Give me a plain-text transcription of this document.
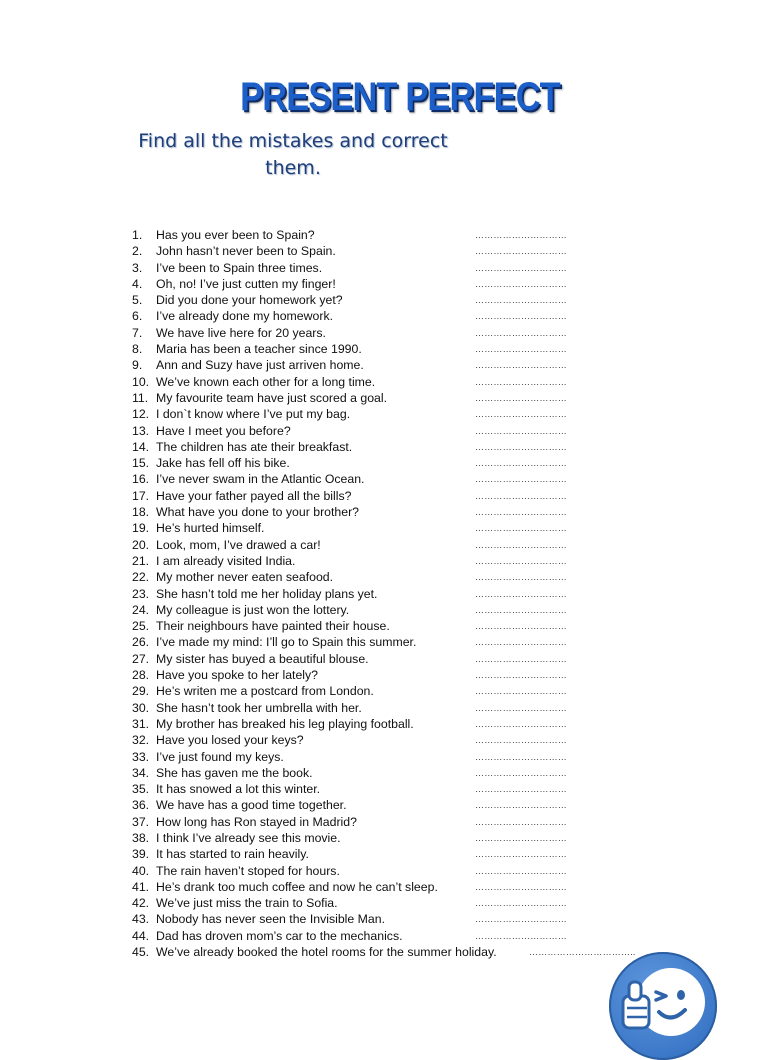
PRESENT PERFECT
Find all the mistakes and correct them.
1.	Has you ever been to Spain?	…………………………
2.	John hasn’t never been to Spain.	…………………………
3.	I’ve been to Spain three times.	…………………………
4.	Oh, no! I’ve just cutten my finger!	…………………………
5.	Did you done your homework yet?	…………………………
6.	I’ve already done my homework.	…………………………
7.	We have live here for 20 years.	…………………………
8.	Maria has been a teacher since 1990.	…………………………
9.	Ann and Suzy have just arriven home.	…………………………
10. We’ve known each other for a long time.	…………………………
11. My favourite team have just scored a goal.	…………………………
12. I don`t know where I’ve put my bag.	…………………………
13. Have I meet you before?	…………………………
14. The children has ate their breakfast.	…………………………
15. Jake has fell off his bike.	…………………………
16. I’ve never swam in the Atlantic Ocean.	…………………………
17. Have your father payed all the bills?	…………………………
18. What have you done to your brother?	…………………………
19. He’s hurted himself.	…………………………
20. Look, mom, I’ve drawed a car!	…………………………
21. I am already visited India.	…………………………
22. My mother never eaten seafood.	…………………………
23. She hasn’t told me her holiday plans yet.	…………………………
24. My colleague is just won the lottery.	…………………………
25. Their neighbours have painted their house.	…………………………
26. I’ve made my mind: I’ll go to Spain this summer.	…………………………
27. My sister has buyed a beautiful blouse.	…………………………
28. Have you spoke to her lately?	…………………………
29. He’s writen me a postcard from London.	…………………………
30. She hasn’t took her umbrella with her.	…………………………
31. My brother has breaked his leg playing football.	…………………………
32. Have you losed your keys?	…………………………
33. I’ve just found my keys.	…………………………
34. She has gaven me the book.	…………………………
35. It has snowed a lot this winter.	…………………………
36. We have has a good time together.	…………………………
37. How long has Ron stayed in Madrid?	…………………………
38. I think I’ve already see this movie.	…………………………
39. It has started to rain heavily.	…………………………
40. The rain haven’t stoped for hours.	…………………………
41. He’s drank too much coffee and now he can’t sleep.	…………………………
42. We’ve just miss the train to Sofia.	…………………………
43. Nobody has never seen the Invisible Man.	…………………………
44. Dad has droven mom’s car to the mechanics.	…………………………
45. We’ve already booked the hotel rooms for the summer holiday.	……………………………..
